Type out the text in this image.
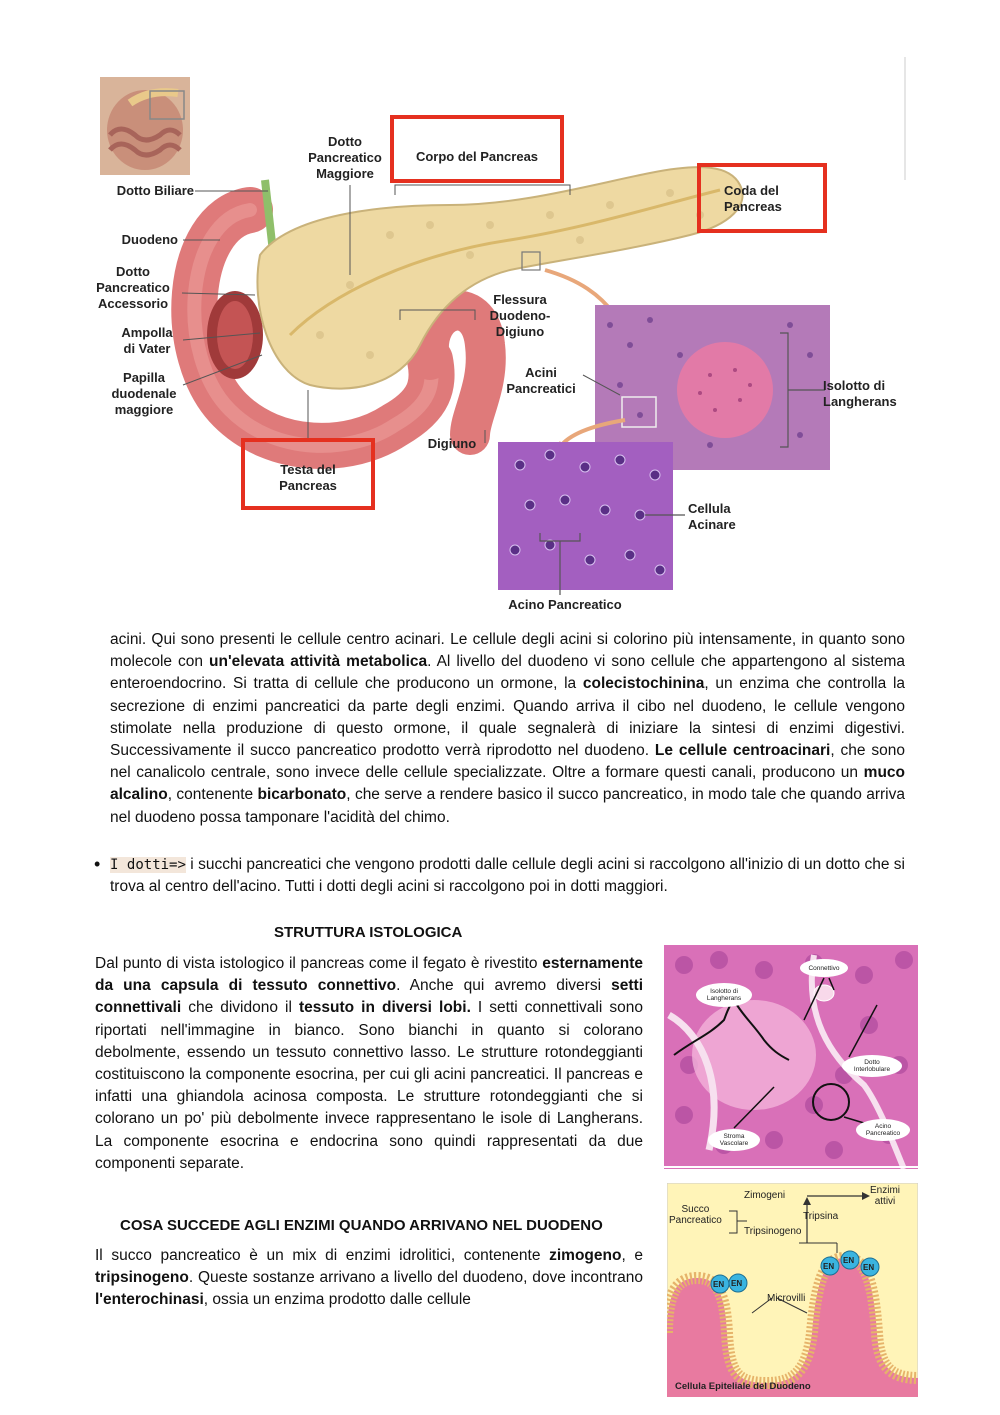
Dotto
Pancreatico
Maggiore
Corpo del Pancreas
Coda del
Pancreas
Dotto Biliare
Duodeno
Dotto
Pancreatico
Accessorio
Ampolla
di Vater
Papilla
duodenale
maggiore
Flessura
Duodeno-
Digiuno
Acini
Pancreatici	Isolotto di
Langherans
Digiuno
Testa del
Pancreas
Cellula
Acinare
Acino Pancreatico
acini. Qui sono presenti le cellule centro acinari. Le cellule degli acini si colorino più intensamente, in quanto sono molecole con un'elevata attività metabolica. Al livello del duodeno vi sono cellule che appartengono al sistema enteroendocrino. Si tratta di cellule che producono un ormone, la colecistochinina, un enzima che controlla la secrezione di enzimi pancreatici da parte degli enzimi. Quando arriva il cibo nel duodeno, le cellule vengono stimolate nella produzione di questo ormone, il quale segnalerà di iniziare la sintesi di enzimi digestivi. Successivamente il succo pancreatico prodotto verrà riprodotto nel duodeno. Le cellule centroacinari, che sono nel canalicolo centrale, sono invece delle cellule specializzate. Oltre a formare questi canali, producono un muco alcalino, contenente bicarbonato, che serve a rendere basico il succo pancreatico, in modo tale che quando arriva nel duodeno possa tamponare l'acidità del chimo.
• I dotti=> i succhi pancreatici che vengono prodotti dalle cellule degli acini si raccolgono all'inizio di un dotto che si trova al centro dell'acino. Tutti i dotti degli acini si raccolgono poi in dotti maggiori.
STRUTTURA ISTOLOGICA
Dal punto di vista istologico il pancreas come il fegato è rivestito esternamente da una capsula di tessuto connettivo. Anche qui avremo diversi setti connettivali che dividono il tessuto in diversi lobi. I setti connettivali sono riportati nell'immagine in bianco. Sono bianchi in quanto si colorano debolmente, essendo un tessuto connettivo lasso. Le strutture rotondeggianti costituiscono la componente esocrina, per cui gli acini pancreatici. Il pancreas e infatti una ghiandola acinosa composta. Le strutture rotondeggianti che si colorano un po' più debolmente invece rappresentano le isole di Langherans. La componente esocrina e endocrina sono quindi rappresentati da due componenti separate.
Connettivo
Isolotto di Langherans
Dotto Interlobulare
Acino Pancreatico
Stroma Vascolare
COSA SUCCEDE AGLI ENZIMI QUANDO ARRIVANO NEL DUODENO
Il succo pancreatico è un mix di enzimi idrolitici, contenente zimogeno, e tripsinogeno. Queste sostanze arrivano a livello del duodeno, dove incontrano l'enterochinasi, ossia un enzima prodotto dalle cellule
Zimogeni	Enzimi
attivi
Succo
Pancreatico	Tripsina
Tripsinogeno
Microvilli
Cellula Epiteliale del Duodeno
EN EN
EN
EN
EN
